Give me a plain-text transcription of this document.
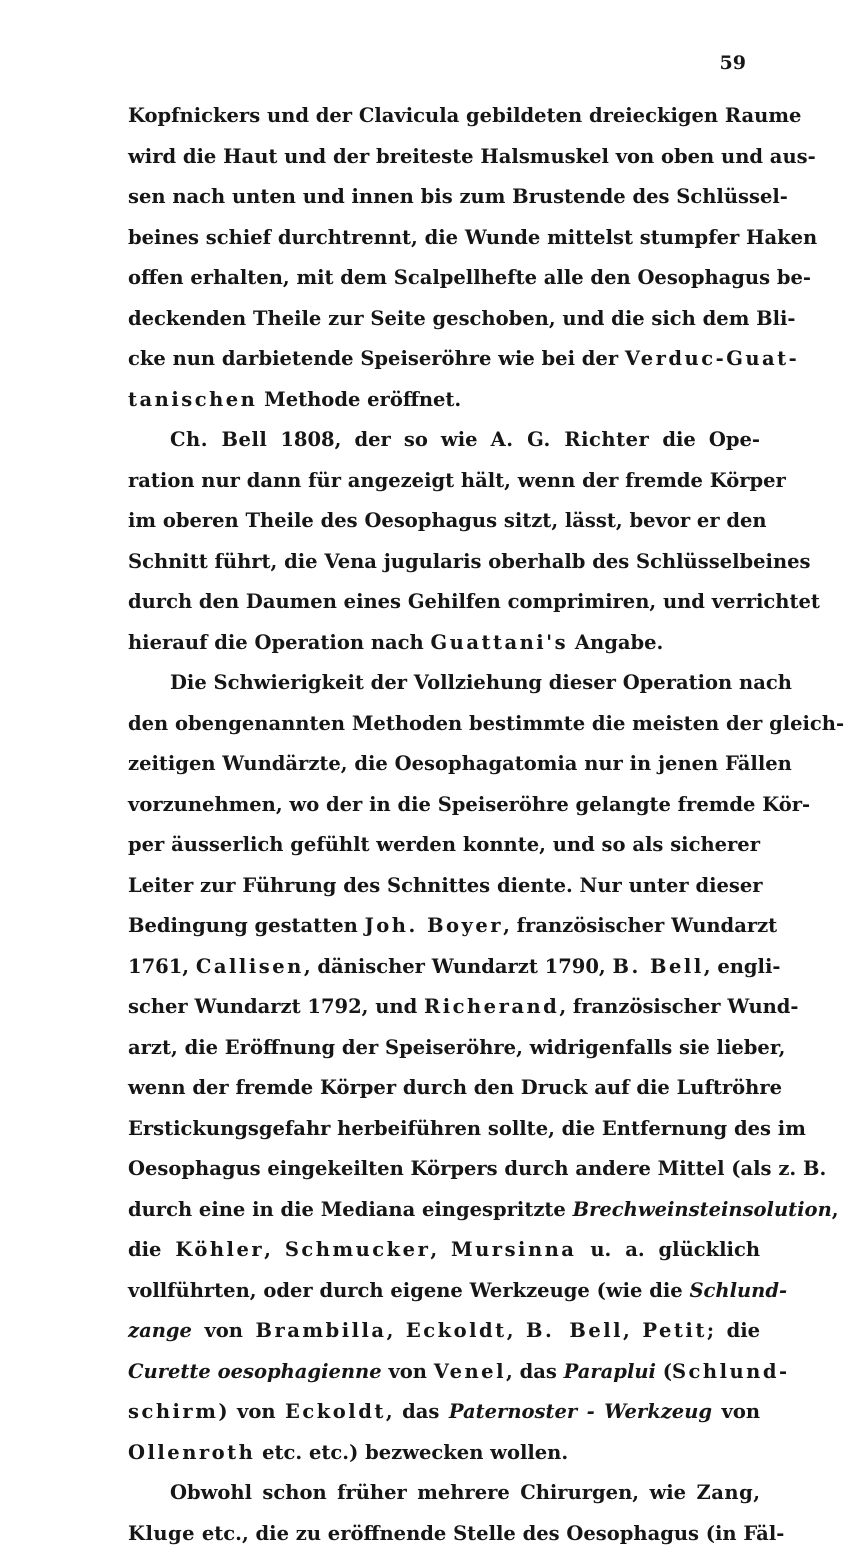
59
Kopfnickers und der Clavicula gebildeten dreieckigen Raume
wird die Haut und der breiteste Halsmuskel von oben und aus-
sen nach unten und innen bis zum Brustende des Schlüssel-
beines schief durchtrennt, die Wunde mittelst stumpfer Haken
offen erhalten, mit dem Scalpellhefte alle den Oesophagus be-
deckenden Theile zur Seite geschoben, und die sich dem Bli-
cke nun darbietende Speiseröhre wie bei der Verduc-Guat-
tanischen Methode eröffnet.
Ch. Bell 1808, der so wie A. G. Richter die Ope-
ration nur dann für angezeigt hält, wenn der fremde Körper
im oberen Theile des Oesophagus sitzt, lässt, bevor er den
Schnitt führt, die Vena jugularis oberhalb des Schlüsselbeines
durch den Daumen eines Gehilfen comprimiren, und verrichtet
hierauf die Operation nach Guattani's Angabe.
Die Schwierigkeit der Vollziehung dieser Operation nach
den obengenannten Methoden bestimmte die meisten der gleich-
zeitigen Wundärzte, die Oesophagatomia nur in jenen Fällen
vorzunehmen, wo der in die Speiseröhre gelangte fremde Kör-
per äusserlich gefühlt werden konnte, und so als sicherer
Leiter zur Führung des Schnittes diente. Nur unter dieser
Bedingung gestatten Joh. Boyer, französischer Wundarzt
1761, Callisen, dänischer Wundarzt 1790, B. Bell, engli-
scher Wundarzt 1792, und Richerand, französischer Wund-
arzt, die Eröffnung der Speiseröhre, widrigenfalls sie lieber,
wenn der fremde Körper durch den Druck auf die Luftröhre
Erstickungsgefahr herbeiführen sollte, die Entfernung des im
Oesophagus eingekeilten Körpers durch andere Mittel (als z. B.
durch eine in die Mediana eingespritzte Brechweinsteinsolution,
die Köhler, Schmucker, Mursinna u. a. glücklich
vollführten, oder durch eigene Werkzeuge (wie die Schlund-
zange von Brambilla, Eckoldt, B. Bell, Petit; die
Curette oesophagienne von Venel, das Paraplui (Schlund-
schirm) von Eckoldt, das Paternoster - Werkzeug von
Ollenroth etc. etc.) bezwecken wollen.
Obwohl schon früher mehrere Chirurgen, wie Zang,
Kluge etc., die zu eröffnende Stelle des Oesophagus (in Fäl-
